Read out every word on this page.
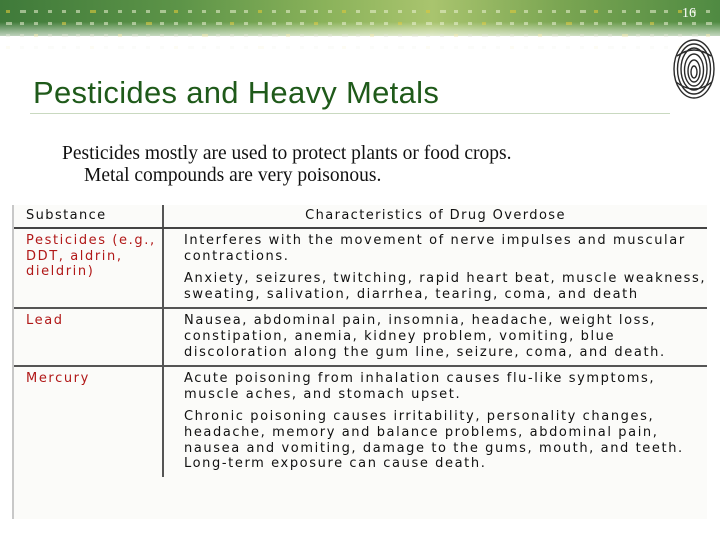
16
Pesticides and Heavy Metals
Pesticides mostly are used to protect plants or food crops.
Metal compounds are very poisonous.
Substance	Characteristics of Drug Overdose
Pesticides (e.g., DDT, aldrin, dieldrin)	Interferes with the movement of nerve impulses and muscular contractions.
Anxiety, seizures, twitching, rapid heart beat, muscle weakness, sweating, salivation, diarrhea, tearing, coma, and death
Lead	Nausea, abdominal pain, insomnia, headache, weight loss, constipation, anemia, kidney problem, vomiting, blue discoloration along the gum line, seizure, coma, and death.
Mercury	Acute poisoning from inhalation causes flu-like symptoms, muscle aches, and stomach upset.
Chronic poisoning causes irritability, personality changes, headache, memory and balance problems, abdominal pain, nausea and vomiting, damage to the gums, mouth, and teeth. Long-term exposure can cause death.
